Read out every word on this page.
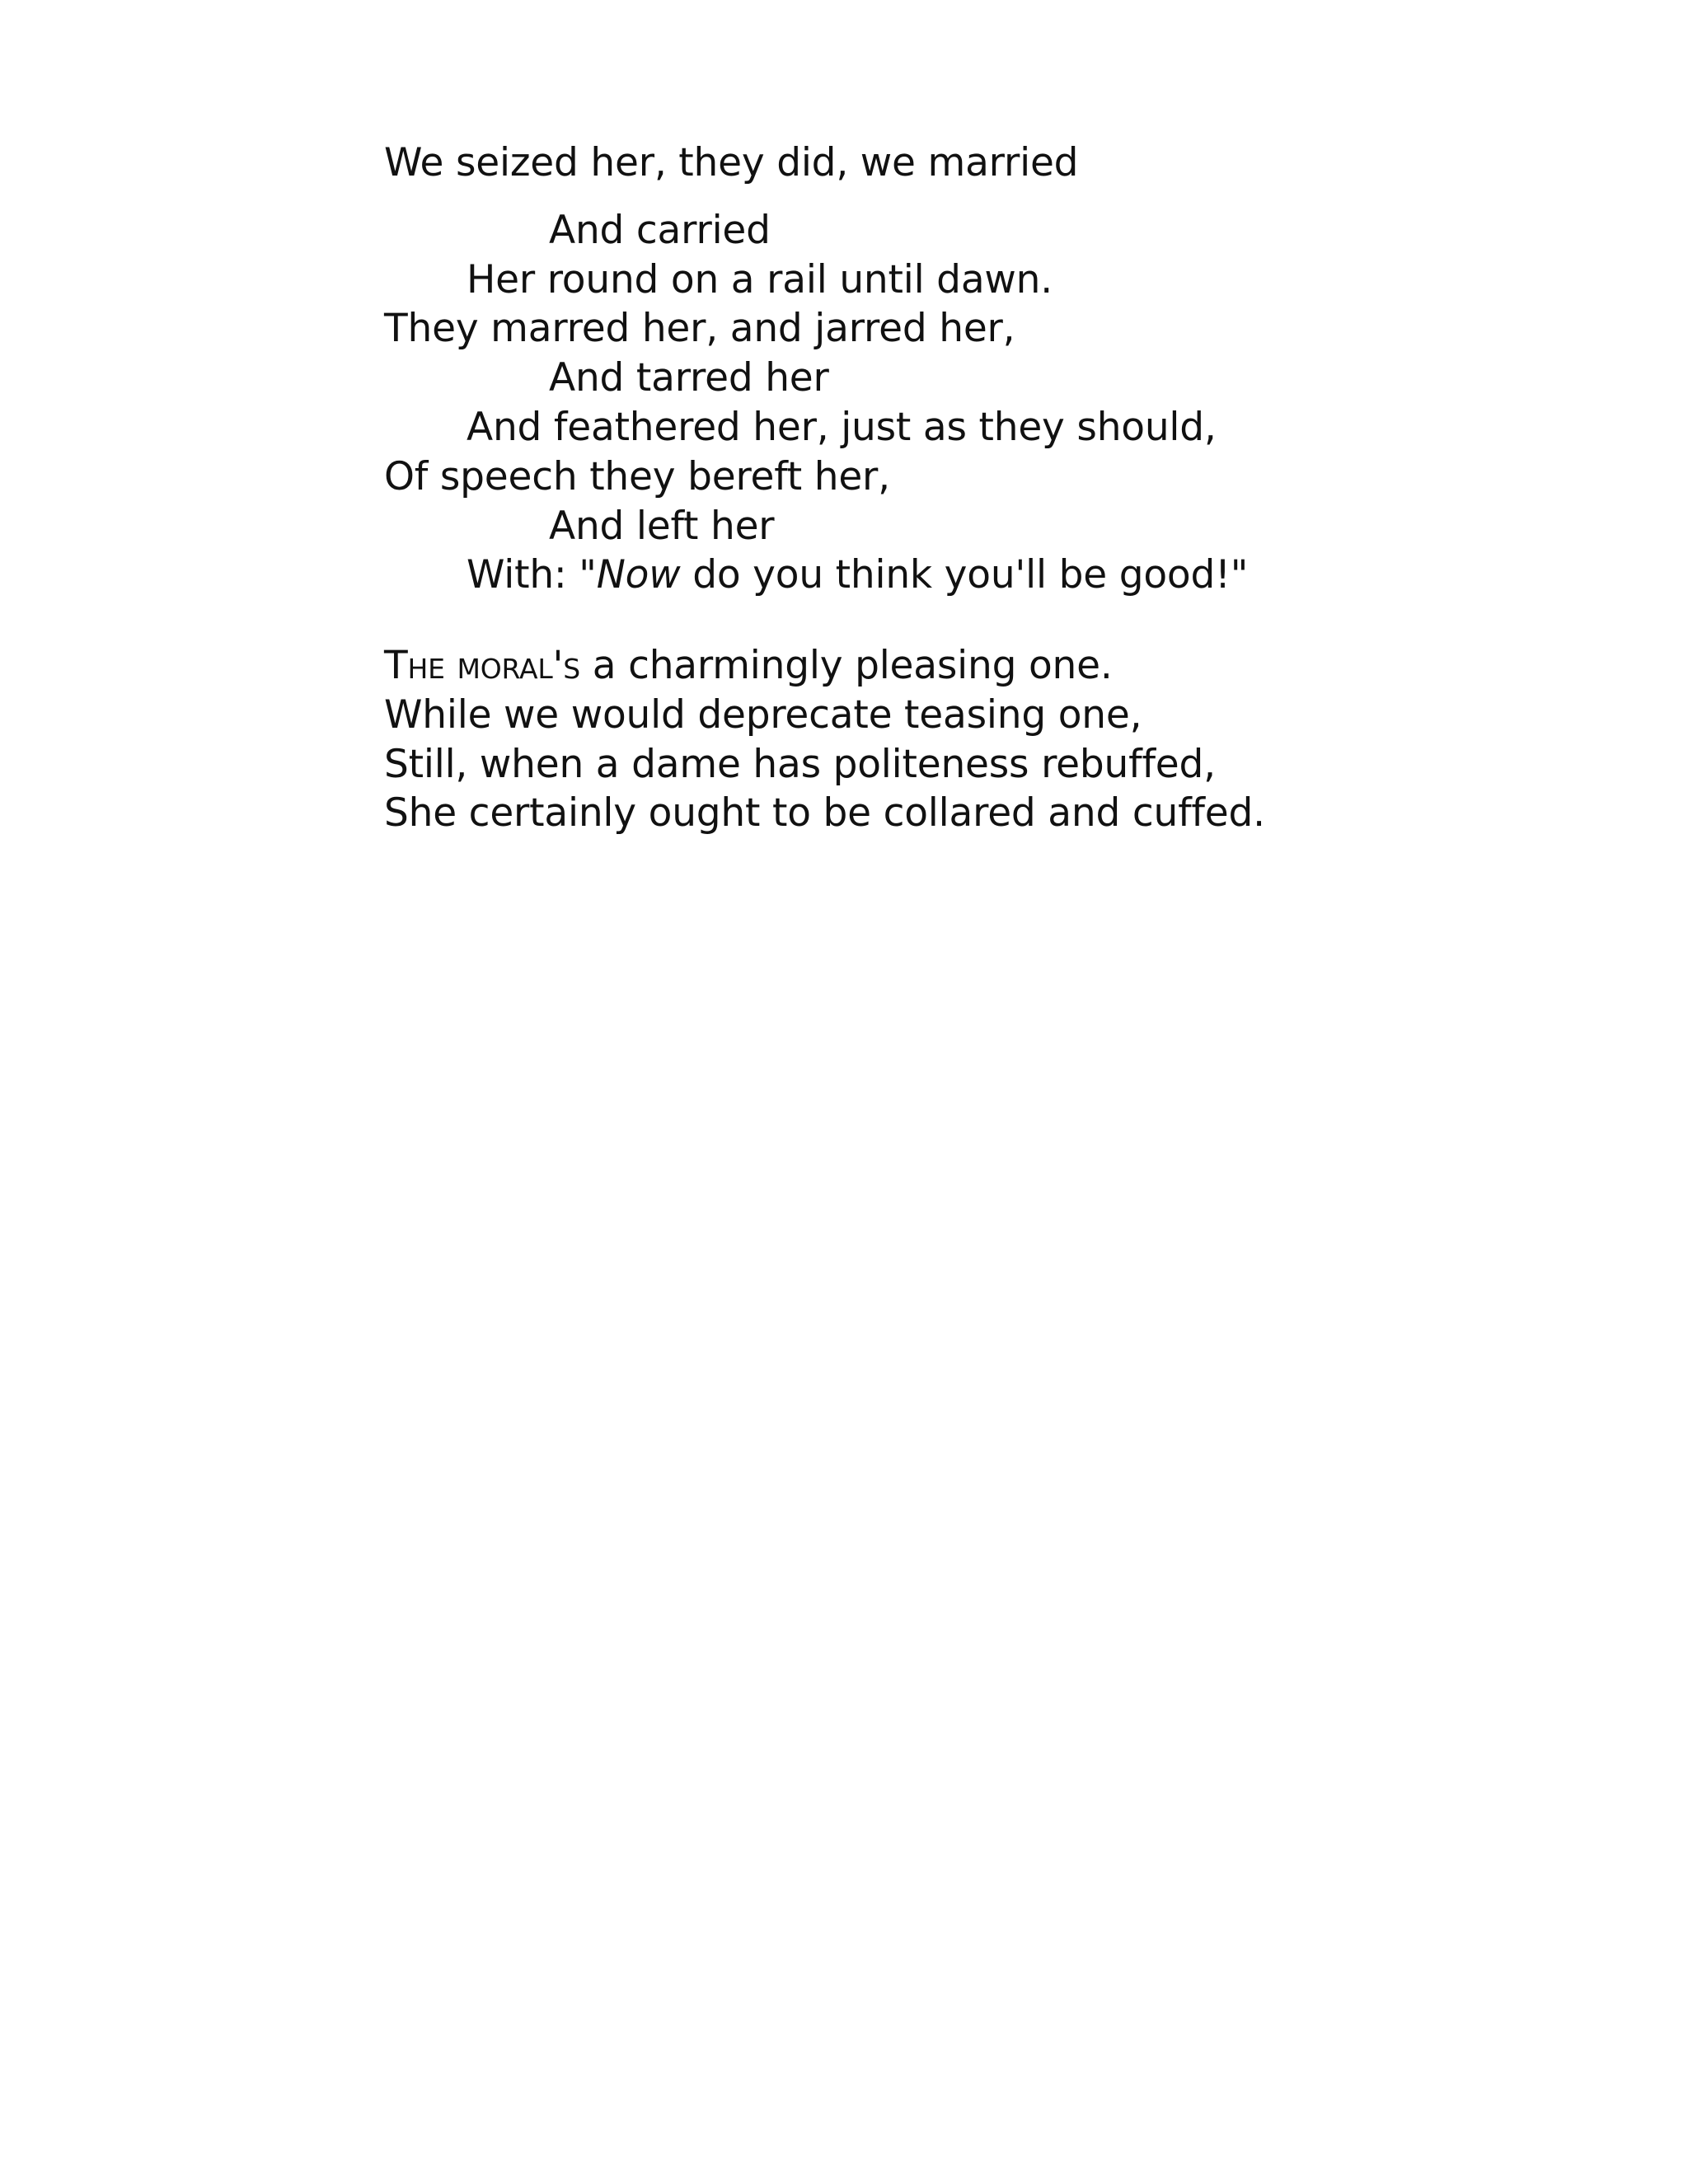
We seized her, they did, we married
And carried
Her round on a rail until dawn.
They marred her, and jarred her,
And tarred her
And feathered her, just as they should,
Of speech they bereft her,
And left her
With: "Now do you think you'll be good!"
The moral's a charmingly pleasing one.
While we would deprecate teasing one,
Still, when a dame has politeness rebuffed,
She certainly ought to be collared and cuffed.
